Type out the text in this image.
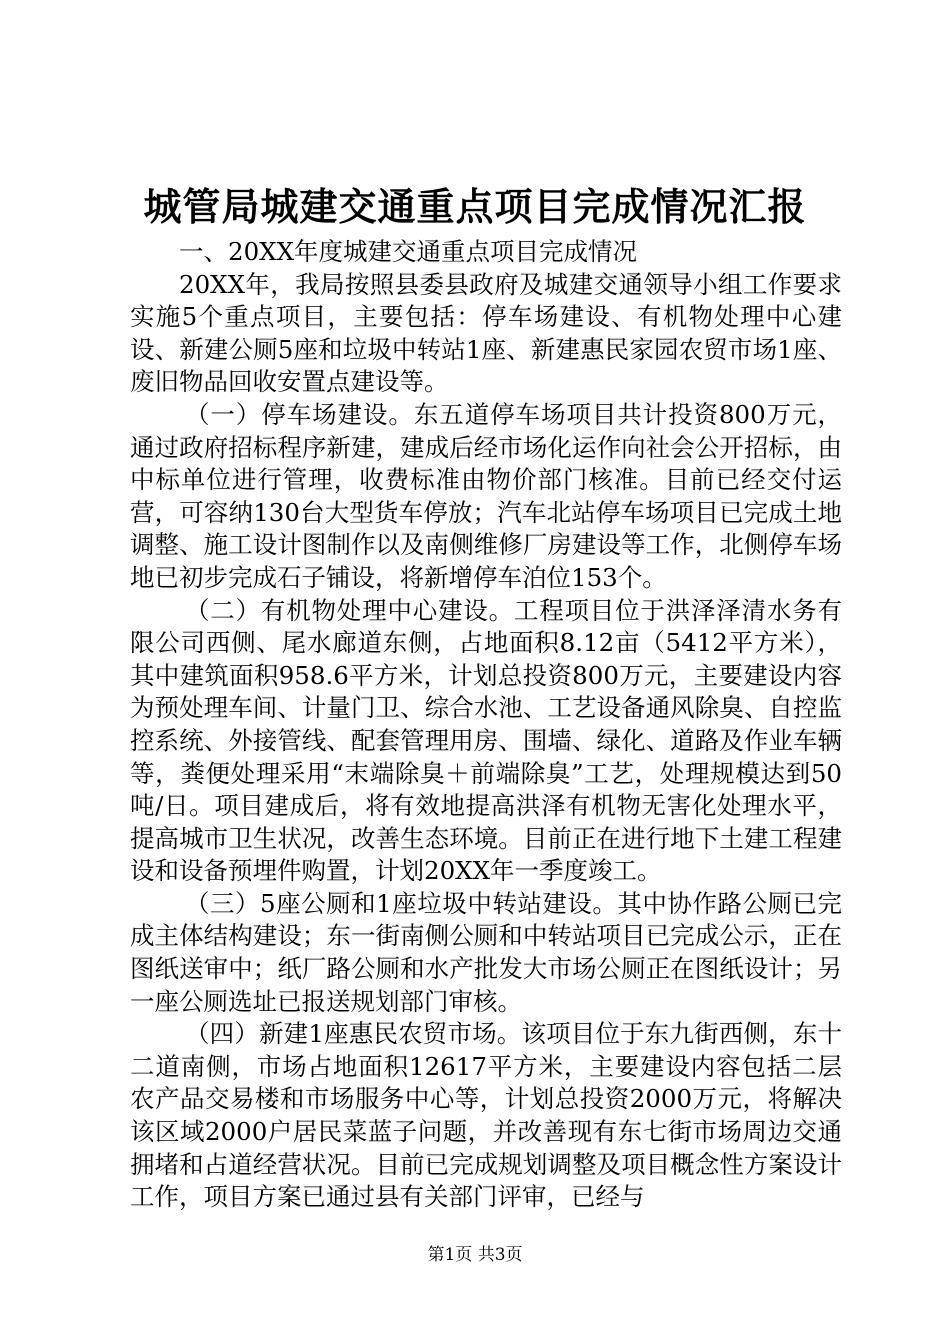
城管局城建交通重点项目完成情况汇报

一、20XX年度城建交通重点项目完成情况

20XX年，我局按照县委县政府及城建交通领导小组工作要求实施5个重点项目，主要包括：停车场建设、有机物处理中心建设、新建公厕5座和垃圾中转站1座、新建惠民家园农贸市场1座、废旧物品回收安置点建设等。

（一）停车场建设。东五道停车场项目共计投资800万元，通过政府招标程序新建，建成后经市场化运作向社会公开招标，由中标单位进行管理，收费标准由物价部门核准。目前已经交付运营，可容纳130台大型货车停放；汽车北站停车场项目已完成土地调整、施工设计图制作以及南侧维修厂房建设等工作，北侧停车场地已初步完成石子铺设，将新增停车泊位153个。

（二）有机物处理中心建设。工程项目位于洪泽泽清水务有限公司西侧、尾水廊道东侧，占地面积8.12亩（5412平方米），其中建筑面积958.6平方米，计划总投资800万元，主要建设内容为预处理车间、计量门卫、综合水池、工艺设备通风除臭、自控监控系统、外接管线、配套管理用房、围墙、绿化、道路及作业车辆等，粪便处理采用“末端除臭＋前端除臭”工艺，处理规模达到50吨/日。项目建成后，将有效地提高洪泽有机物无害化处理水平，提高城市卫生状况，改善生态环境。目前正在进行地下土建工程建设和设备预埋件购置，计划20XX年一季度竣工。

（三）5座公厕和1座垃圾中转站建设。其中协作路公厕已完成主体结构建设；东一街南侧公厕和中转站项目已完成公示，正在图纸送审中；纸厂路公厕和水产批发大市场公厕正在图纸设计；另一座公厕选址已报送规划部门审核。

（四）新建1座惠民农贸市场。该项目位于东九街西侧，东十二道南侧，市场占地面积12617平方米，主要建设内容包括二层农产品交易楼和市场服务中心等，计划总投资2000万元，将解决该区域2000户居民菜蓝子问题，并改善现有东七街市场周边交通拥堵和占道经营状况。目前已完成规划调整及项目概念性方案设计工作，项目方案已通过县有关部门评审，已经与

第1页 共3页
